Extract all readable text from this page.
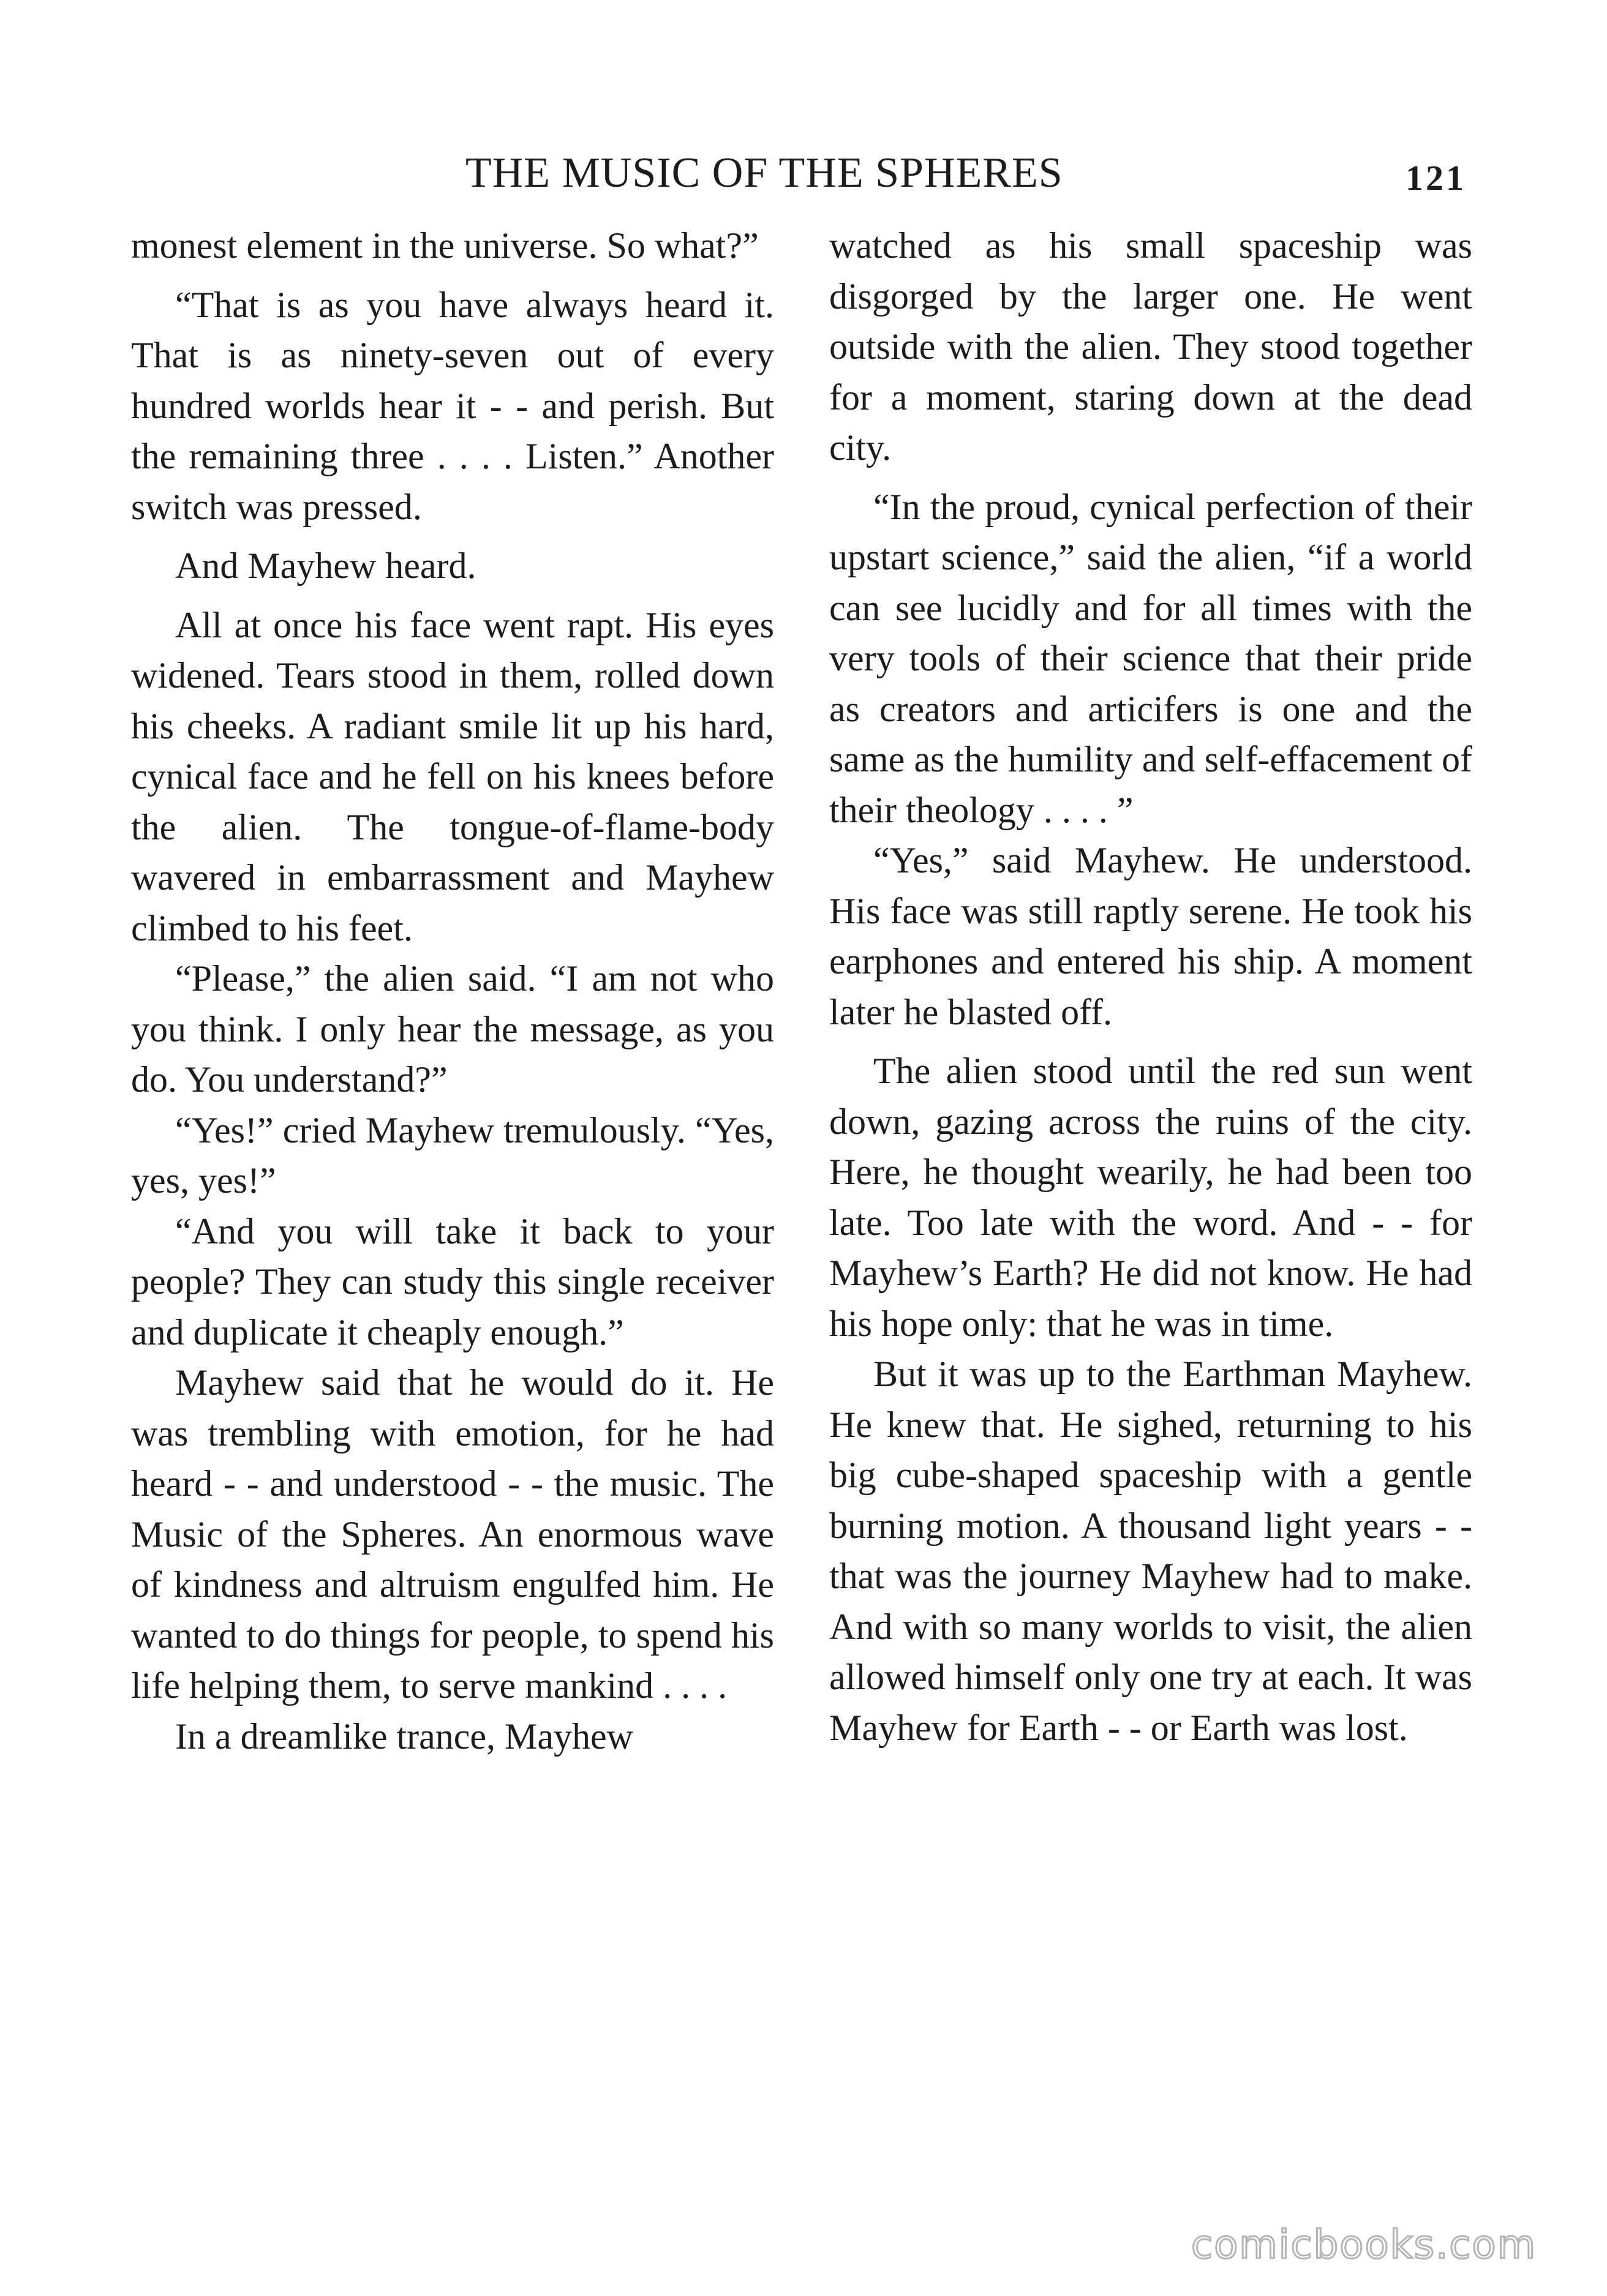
THE MUSIC OF THE SPHERES	121

monest element in the universe. So what?”

“That is as you have always heard it. That is as ninety-seven out of every hundred worlds hear it - - and perish. But the remaining three . . . . Listen.” Another switch was pressed.

And Mayhew heard.

All at once his face went rapt. His eyes widened. Tears stood in them, rolled down his cheeks. A radiant smile lit up his hard, cynical face and he fell on his knees before the alien. The tongue-of-flame-body wavered in embarrassment and Mayhew climbed to his feet.

“Please,” the alien said. “I am not who you think. I only hear the message, as you do. You understand?”

“Yes!” cried Mayhew tremulously. “Yes, yes, yes!”

“And you will take it back to your people? They can study this single receiver and duplicate it cheaply enough.”

Mayhew said that he would do it. He was trembling with emotion, for he had heard - - and understood - - the music. The Music of the Spheres. An enormous wave of kindness and altruism engulfed him. He wanted to do things for people, to spend his life helping them, to serve mankind . . . .

In a dreamlike trance, Mayhew

watched as his small spaceship was disgorged by the larger one. He went outside with the alien. They stood together for a moment, staring down at the dead city.

“In the proud, cynical perfection of their upstart science,” said the alien, “if a world can see lucidly and for all times with the very tools of their science that their pride as creators and articifers is one and the same as the humility and self-effacement of their theology . . . . ”

“Yes,” said Mayhew. He understood. His face was still raptly serene. He took his earphones and entered his ship. A moment later he blasted off.

The alien stood until the red sun went down, gazing across the ruins of the city. Here, he thought wearily, he had been too late. Too late with the word. And - - for Mayhew’s Earth? He did not know. He had his hope only: that he was in time.

But it was up to the Earthman Mayhew. He knew that. He sighed, returning to his big cube-shaped spaceship with a gentle burning motion. A thousand light years - - that was the journey Mayhew had to make. And with so many worlds to visit, the alien allowed himself only one try at each. It was Mayhew for Earth - - or Earth was lost.

comicbooks.com
